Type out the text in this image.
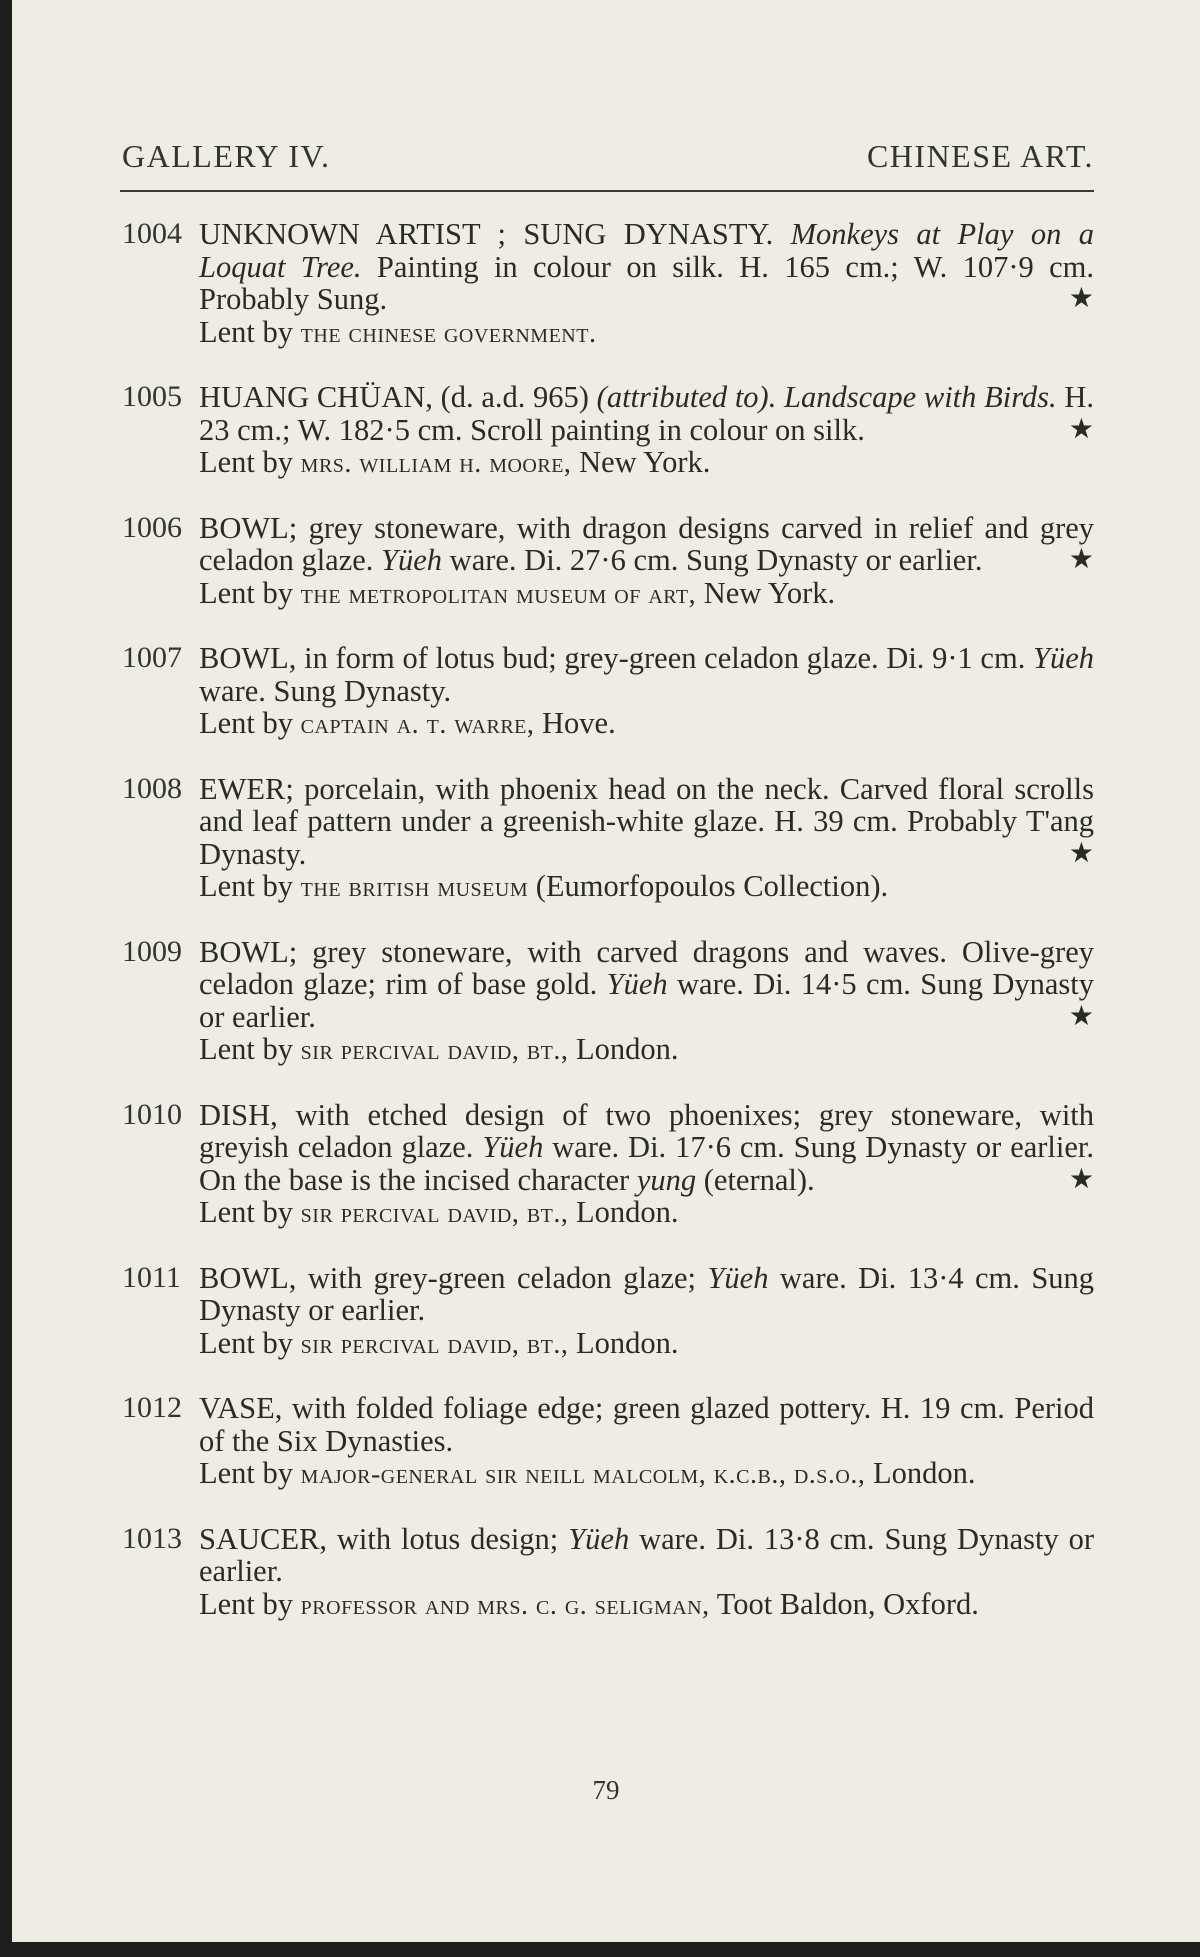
GALLERY IV.	CHINESE ART.
1004 UNKNOWN ARTIST ; SUNG DYNASTY. Monkeys at Play on a Loquat Tree. Painting in colour on silk. H. 165 cm.; W. 107·9 cm. Probably Sung.	★
Lent by the chinese government.
1005 HUANG CHÜAN, (d. a.d. 965) (attributed to). Landscape with Birds. H. 23 cm.; W. 182·5 cm. Scroll painting in colour on silk.	★
Lent by mrs. william h. moore, New York.
1006 BOWL; grey stoneware, with dragon designs carved in relief and grey celadon glaze. Yüeh ware. Di. 27·6 cm. Sung Dynasty or earlier.	★
Lent by the metropolitan museum of art, New York.
1007 BOWL, in form of lotus bud; grey-green celadon glaze. Di. 9·1 cm. Yüeh ware. Sung Dynasty.
Lent by captain a. t. warre, Hove.
1008 EWER; porcelain, with phoenix head on the neck. Carved floral scrolls and leaf pattern under a greenish-white glaze. H. 39 cm. Probably T'ang Dynasty.	★
Lent by the british museum (Eumorfopoulos Collection).
1009 BOWL; grey stoneware, with carved dragons and waves. Olive-grey celadon glaze; rim of base gold. Yüeh ware. Di. 14·5 cm. Sung Dynasty or earlier.	★
Lent by sir percival david, bt., London.
1010 DISH, with etched design of two phoenixes; grey stoneware, with greyish celadon glaze. Yüeh ware. Di. 17·6 cm. Sung Dynasty or earlier. On the base is the incised character yung (eternal).	★
Lent by sir percival david, bt., London.
1011 BOWL, with grey-green celadon glaze; Yüeh ware. Di. 13·4 cm. Sung Dynasty or earlier.
Lent by sir percival david, bt., London.
1012 VASE, with folded foliage edge; green glazed pottery. H. 19 cm. Period of the Six Dynasties.
Lent by major-general sir neill malcolm, k.c.b., d.s.o., London.
1013 SAUCER, with lotus design; Yüeh ware. Di. 13·8 cm. Sung Dynasty or earlier.
Lent by professor and mrs. c. g. seligman, Toot Baldon, Oxford.
79
